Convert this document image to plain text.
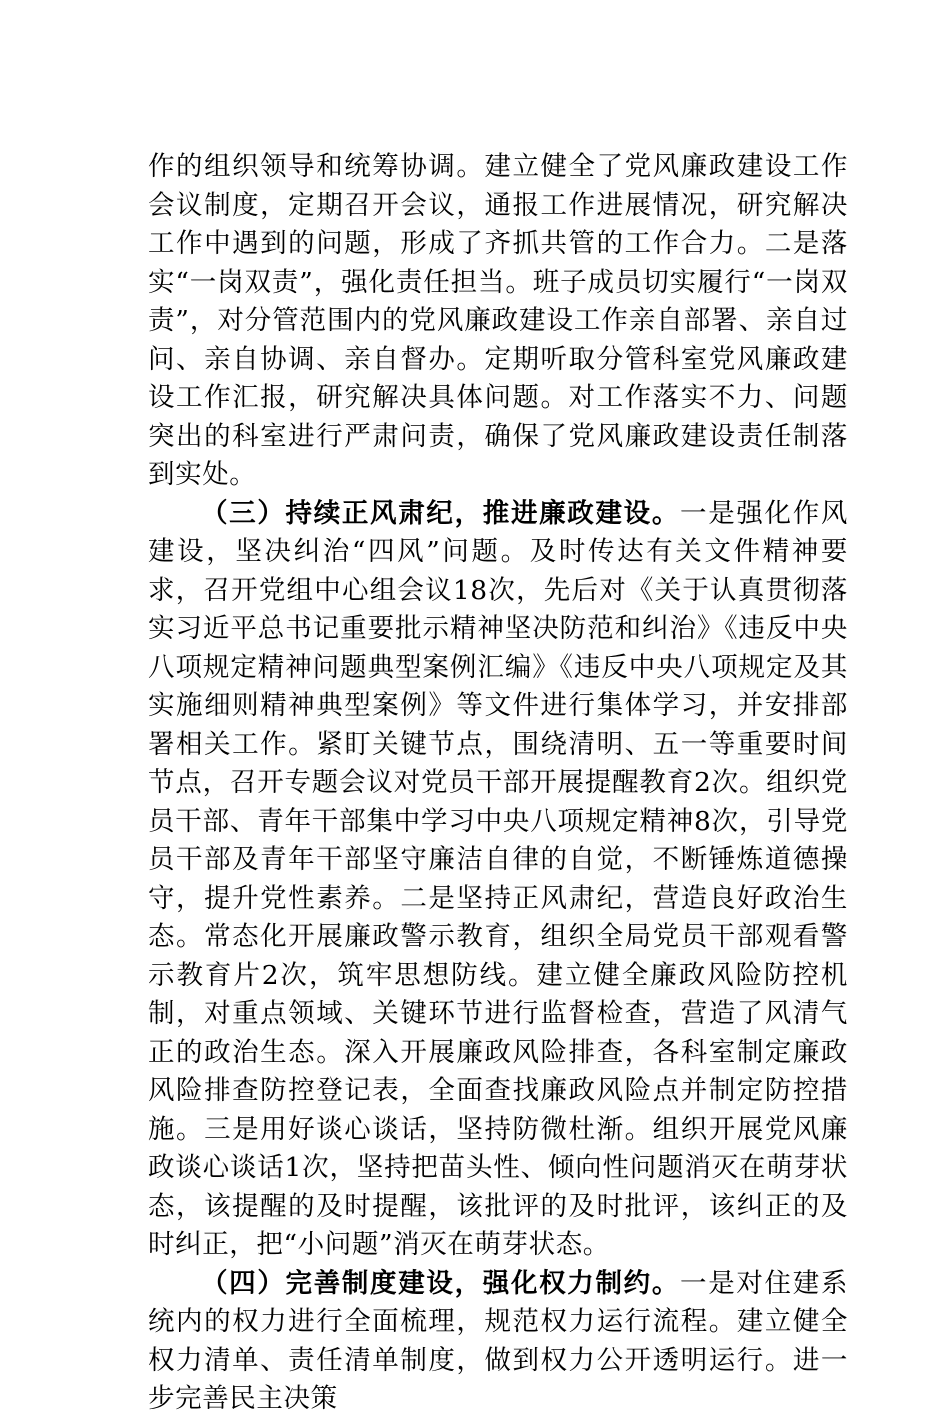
作的组织领导和统筹协调。建立健全了党风廉政建设工作会议制度，定期召开会议，通报工作进展情况，研究解决工作中遇到的问题，形成了齐抓共管的工作合力。二是落实“一岗双责”，强化责任担当。班子成员切实履行“一岗双责”，对分管范围内的党风廉政建设工作亲自部署、亲自过问、亲自协调、亲自督办。定期听取分管科室党风廉政建设工作汇报，研究解决具体问题。对工作落实不力、问题突出的科室进行严肃问责，确保了党风廉政建设责任制落到实处。

（三）持续正风肃纪，推进廉政建设。一是强化作风建设，坚决纠治“四风”问题。及时传达有关文件精神要求，召开党组中心组会议18次，先后对《关于认真贯彻落实习近平总书记重要批示精神坚决防范和纠治》《违反中央八项规定精神问题典型案例汇编》《违反中央八项规定及其实施细则精神典型案例》等文件进行集体学习，并安排部署相关工作。紧盯关键节点，围绕清明、五一等重要时间节点，召开专题会议对党员干部开展提醒教育2次。组织党员干部、青年干部集中学习中央八项规定精神8次，引导党员干部及青年干部坚守廉洁自律的自觉，不断锤炼道德操守，提升党性素养。二是坚持正风肃纪，营造良好政治生态。常态化开展廉政警示教育，组织全局党员干部观看警示教育片2次，筑牢思想防线。建立健全廉政风险防控机制，对重点领域、关键环节进行监督检查，营造了风清气正的政治生态。深入开展廉政风险排查，各科室制定廉政风险排查防控登记表，全面查找廉政风险点并制定防控措施。三是用好谈心谈话，坚持防微杜渐。组织开展党风廉政谈心谈话1次，坚持把苗头性、倾向性问题消灭在萌芽状态，该提醒的及时提醒，该批评的及时批评，该纠正的及时纠正，把“小问题”消灭在萌芽状态。

（四）完善制度建设，强化权力制约。一是对住建系统内的权力进行全面梳理，规范权力运行流程。建立健全权力清单、责任清单制度，做到权力公开透明运行。进一步完善民主决策
